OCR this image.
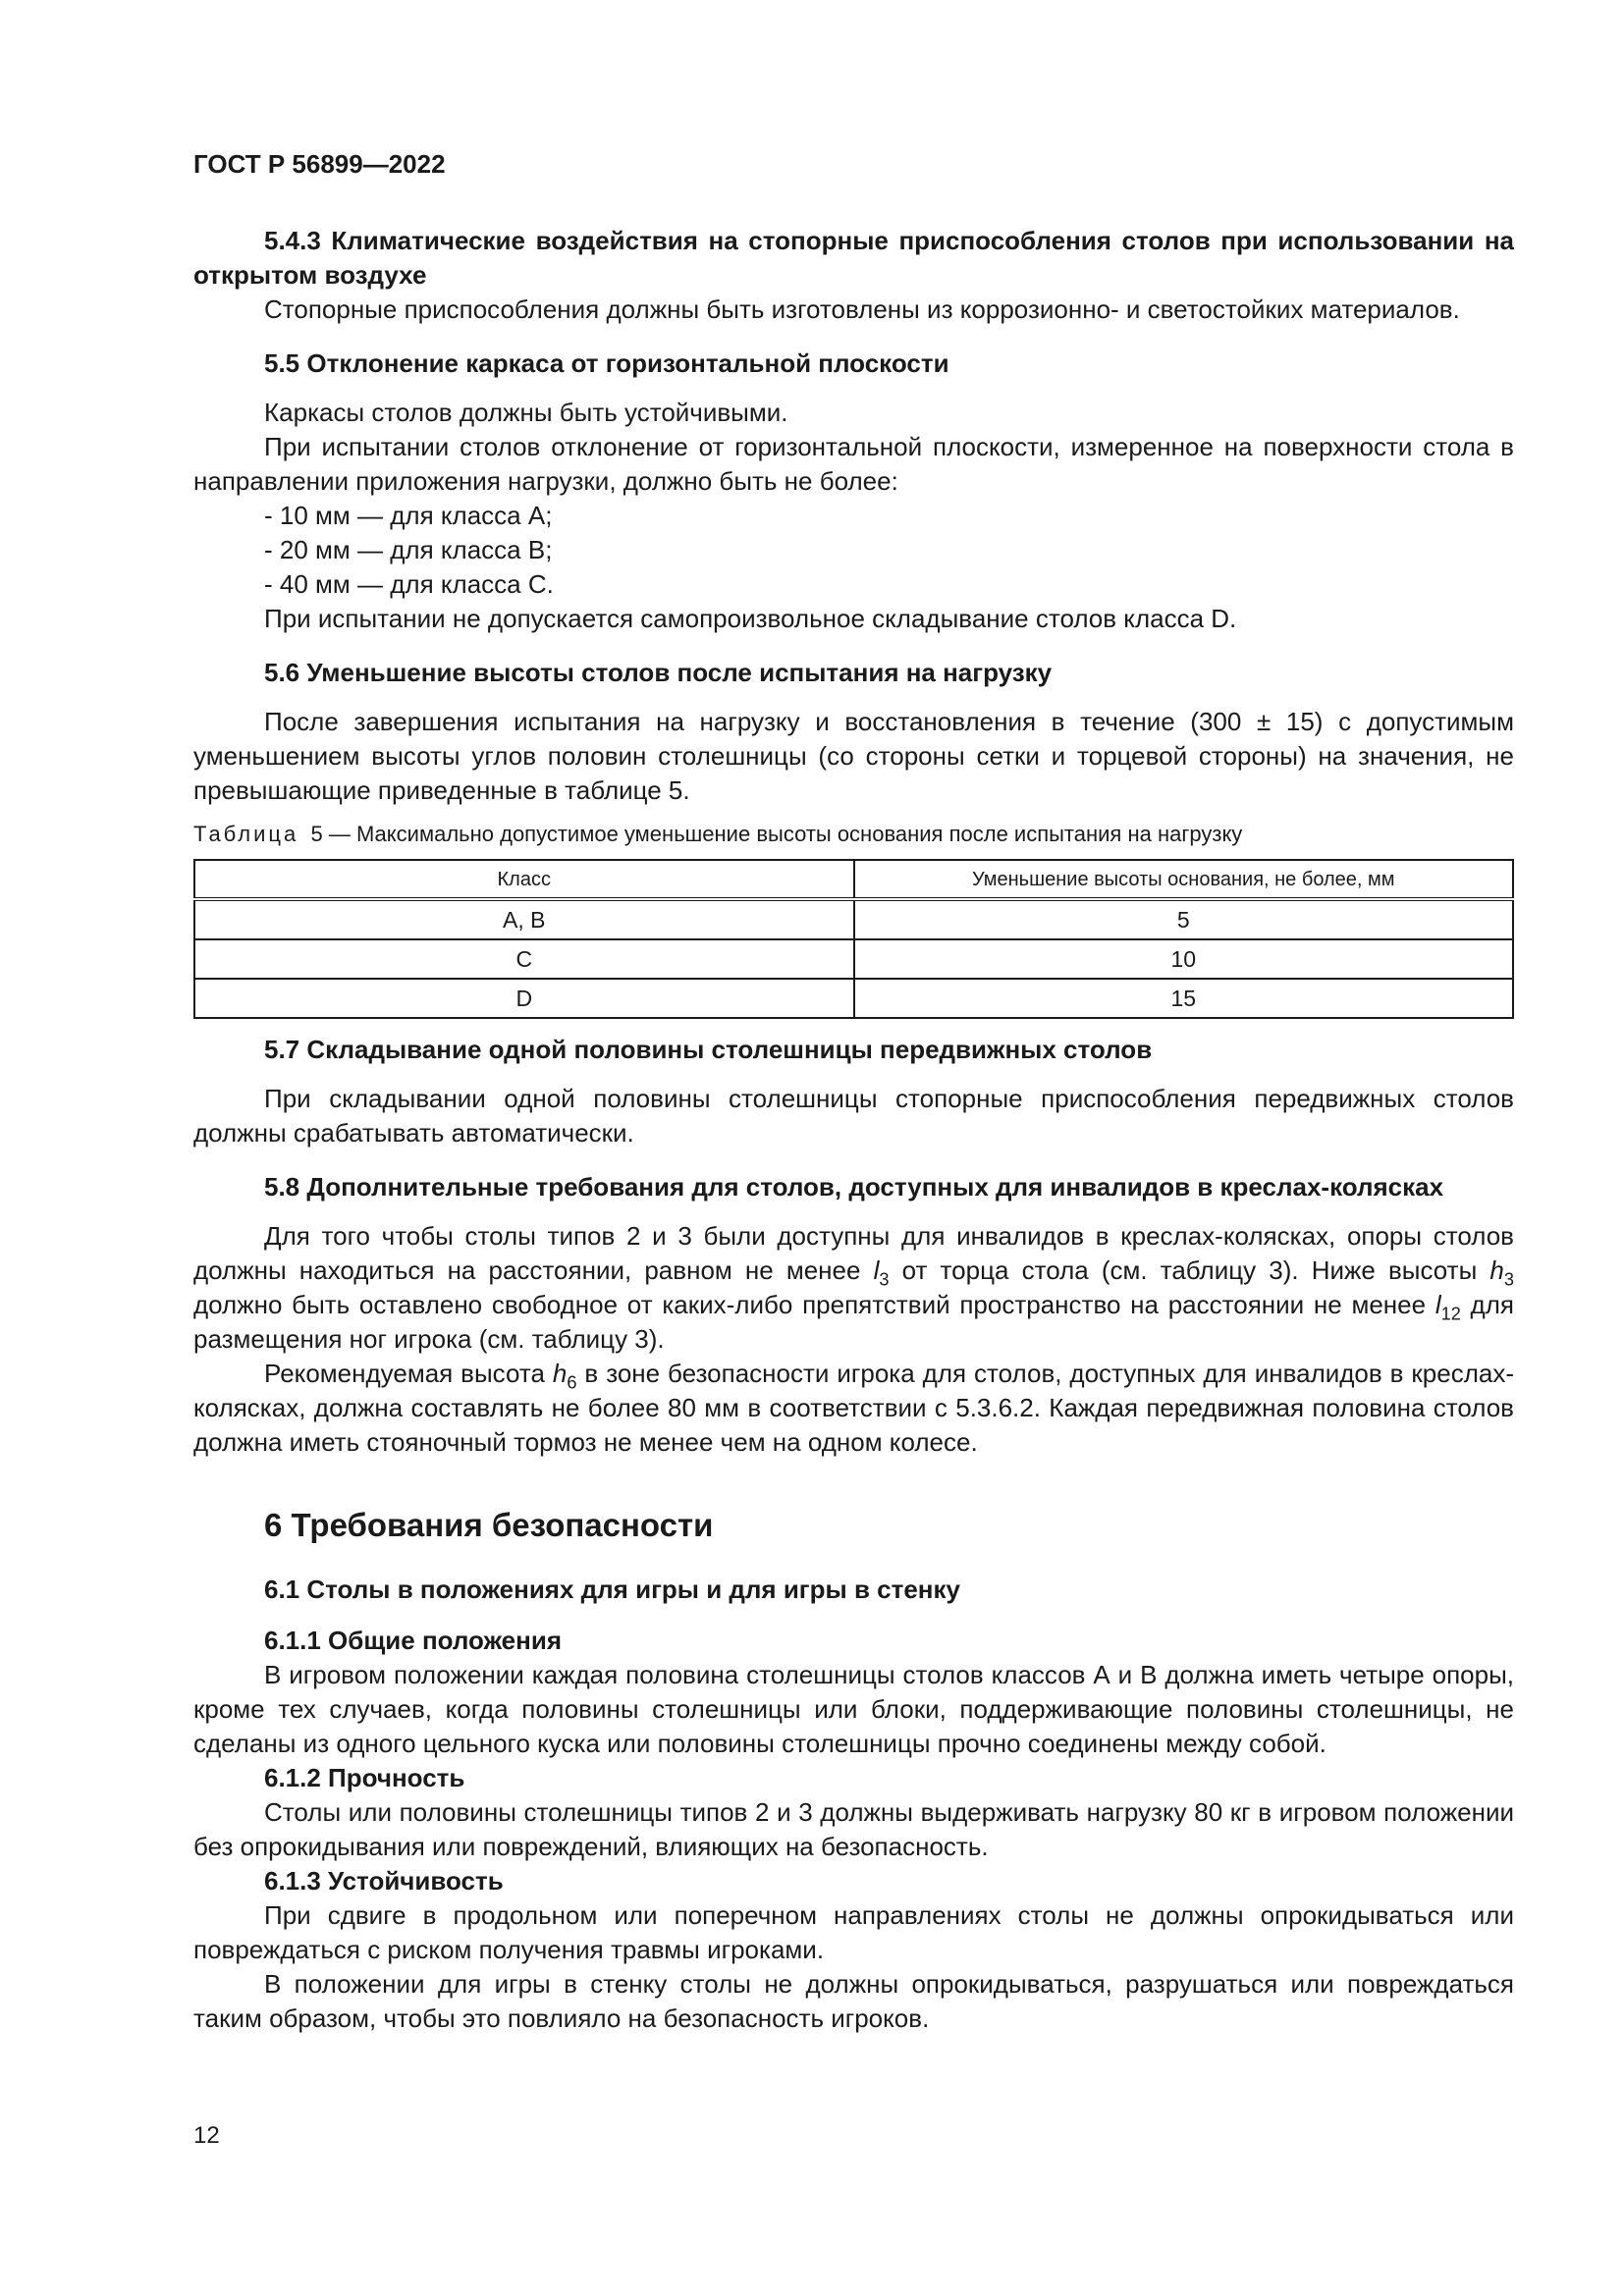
ГОСТ Р 56899—2022

5.4.3 Климатические воздействия на стопорные приспособления столов при использовании на открытом воздухе

Стопорные приспособления должны быть изготовлены из коррозионно- и светостойких материалов.

5.5 Отклонение каркаса от горизонтальной плоскости

Каркасы столов должны быть устойчивыми.

При испытании столов отклонение от горизонтальной плоскости, измеренное на поверхности стола в направлении приложения нагрузки, должно быть не более:

- 10 мм — для класса А;

- 20 мм — для класса В;

- 40 мм — для класса С.

При испытании не допускается самопроизвольное складывание столов класса D.

5.6 Уменьшение высоты столов после испытания на нагрузку

После завершения испытания на нагрузку и восстановления в течение (300 ± 15) с допустимым уменьшением высоты углов половин столешницы (со стороны сетки и торцевой стороны) на значения, не превышающие приведенные в таблице 5.

Таблица 5 — Максимально допустимое уменьшение высоты основания после испытания на нагрузку

Класс	Уменьшение высоты основания, не более, мм
А, В	5
С	10
D	15

5.7 Складывание одной половины столешницы передвижных столов

При складывании одной половины столешницы стопорные приспособления передвижных столов должны срабатывать автоматически.

5.8 Дополнительные требования для столов, доступных для инвалидов в креслах-колясках

Для того чтобы столы типов 2 и 3 были доступны для инвалидов в креслах-колясках, опоры столов должны находиться на расстоянии, равном не менее $l_3$ от торца стола (см. таблицу 3). Ниже высоты $h_3$ должно быть оставлено свободное от каких-либо препятствий пространство на расстоянии не менее $l_{12}$ для размещения ног игрока (см. таблицу 3).

Рекомендуемая высота $h_6$ в зоне безопасности игрока для столов, доступных для инвалидов в креслах-колясках, должна составлять не более 80 мм в соответствии с 5.3.6.2. Каждая передвижная половина столов должна иметь стояночный тормоз не менее чем на одном колесе.

6 Требования безопасности

6.1 Столы в положениях для игры и для игры в стенку

6.1.1 Общие положения

В игровом положении каждая половина столешницы столов классов А и В должна иметь четыре опоры, кроме тех случаев, когда половины столешницы или блоки, поддерживающие половины столешницы, не сделаны из одного цельного куска или половины столешницы прочно соединены между собой.

6.1.2 Прочность

Столы или половины столешницы типов 2 и 3 должны выдерживать нагрузку 80 кг в игровом положении без опрокидывания или повреждений, влияющих на безопасность.

6.1.3 Устойчивость

При сдвиге в продольном или поперечном направлениях столы не должны опрокидываться или повреждаться с риском получения травмы игроками.

В положении для игры в стенку столы не должны опрокидываться, разрушаться или повреждаться таким образом, чтобы это повлияло на безопасность игроков.

12
